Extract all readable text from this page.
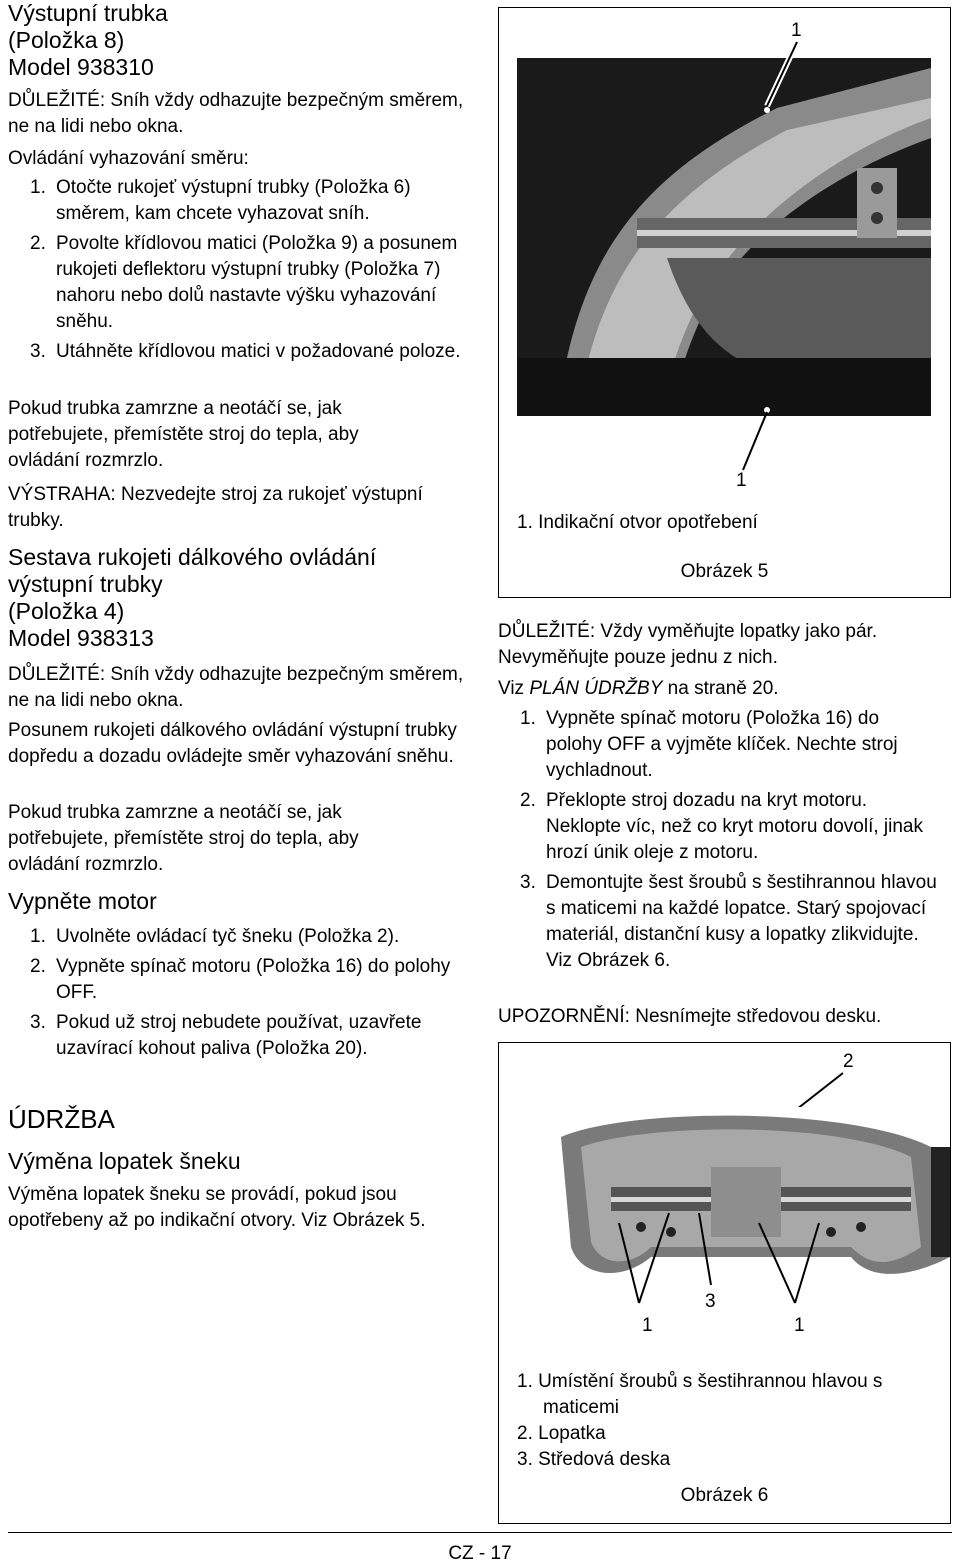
Výstupní trubka
(Položka 8)
Model 938310

DŮLEŽITÉ: Sníh vždy odhazujte bezpečným směrem, ne na lidi nebo okna.

Ovládání vyhazování směru:

1. Otočte rukojeť výstupní trubky (Položka 6) směrem, kam chcete vyhazovat sníh.
2. Povolte křídlovou matici (Položka 9) a posunem rukojeti deflektoru výstupní trubky (Položka 7) nahoru nebo dolů nastavte výšku vyhazování sněhu.
3. Utáhněte křídlovou matici v požadované poloze.

Pokud trubka zamrzne a neotáčí se, jak potřebujete, přemístěte stroj do tepla, aby ovládání rozmrzlo.

VÝSTRAHA: Nezvedejte stroj za rukojeť výstupní trubky.

Sestava rukojeti dálkového ovládání
výstupní trubky
(Položka 4)
Model 938313

DŮLEŽITÉ: Sníh vždy odhazujte bezpečným směrem, ne na lidi nebo okna.

Posunem rukojeti dálkového ovládání výstupní trubky dopředu a dozadu ovládejte směr vyhazování sněhu.

Pokud trubka zamrzne a neotáčí se, jak potřebujete, přemístěte stroj do tepla, aby ovládání rozmrzlo.

Vypněte motor
1. Uvolněte ovládací tyč šneku (Položka 2).
2. Vypněte spínač motoru (Položka 16) do polohy OFF.
3. Pokud už stroj nebudete používat, uzavřete uzavírací kohout paliva (Položka 20).
ÚDRŽBA
Výměna lopatek šneku

Výměna lopatek šneku se provádí, pokud jsou opotřebeny až po indikační otvory. Viz Obrázek 5.

1
1
1. Indikační otvor opotřebení
Obrázek 5

DŮLEŽITÉ: Vždy vyměňujte lopatky jako pár. Nevyměňujte pouze jednu z nich.

Viz PLÁN ÚDRŽBY na straně 20.

1. Vypněte spínač motoru (Položka 16) do polohy OFF a vyjměte klíček. Nechte stroj vychladnout.
2. Překlopte stroj dozadu na kryt motoru. Neklopte víc, než co kryt motoru dovolí, jinak hrozí únik oleje z motoru.
3. Demontujte šest šroubů s šestihrannou hlavou s maticemi na každé lopatce. Starý spojovací materiál, distanční kusy a lopatky zlikvidujte. Viz Obrázek 6.

UPOZORNĚNÍ: Nesnímejte středovou desku.

2
1
3
1
1. Umístění šroubů s šestihrannou hlavou s maticemi
2. Lopatka
3. Středová deska
Obrázek 6
CZ - 17
